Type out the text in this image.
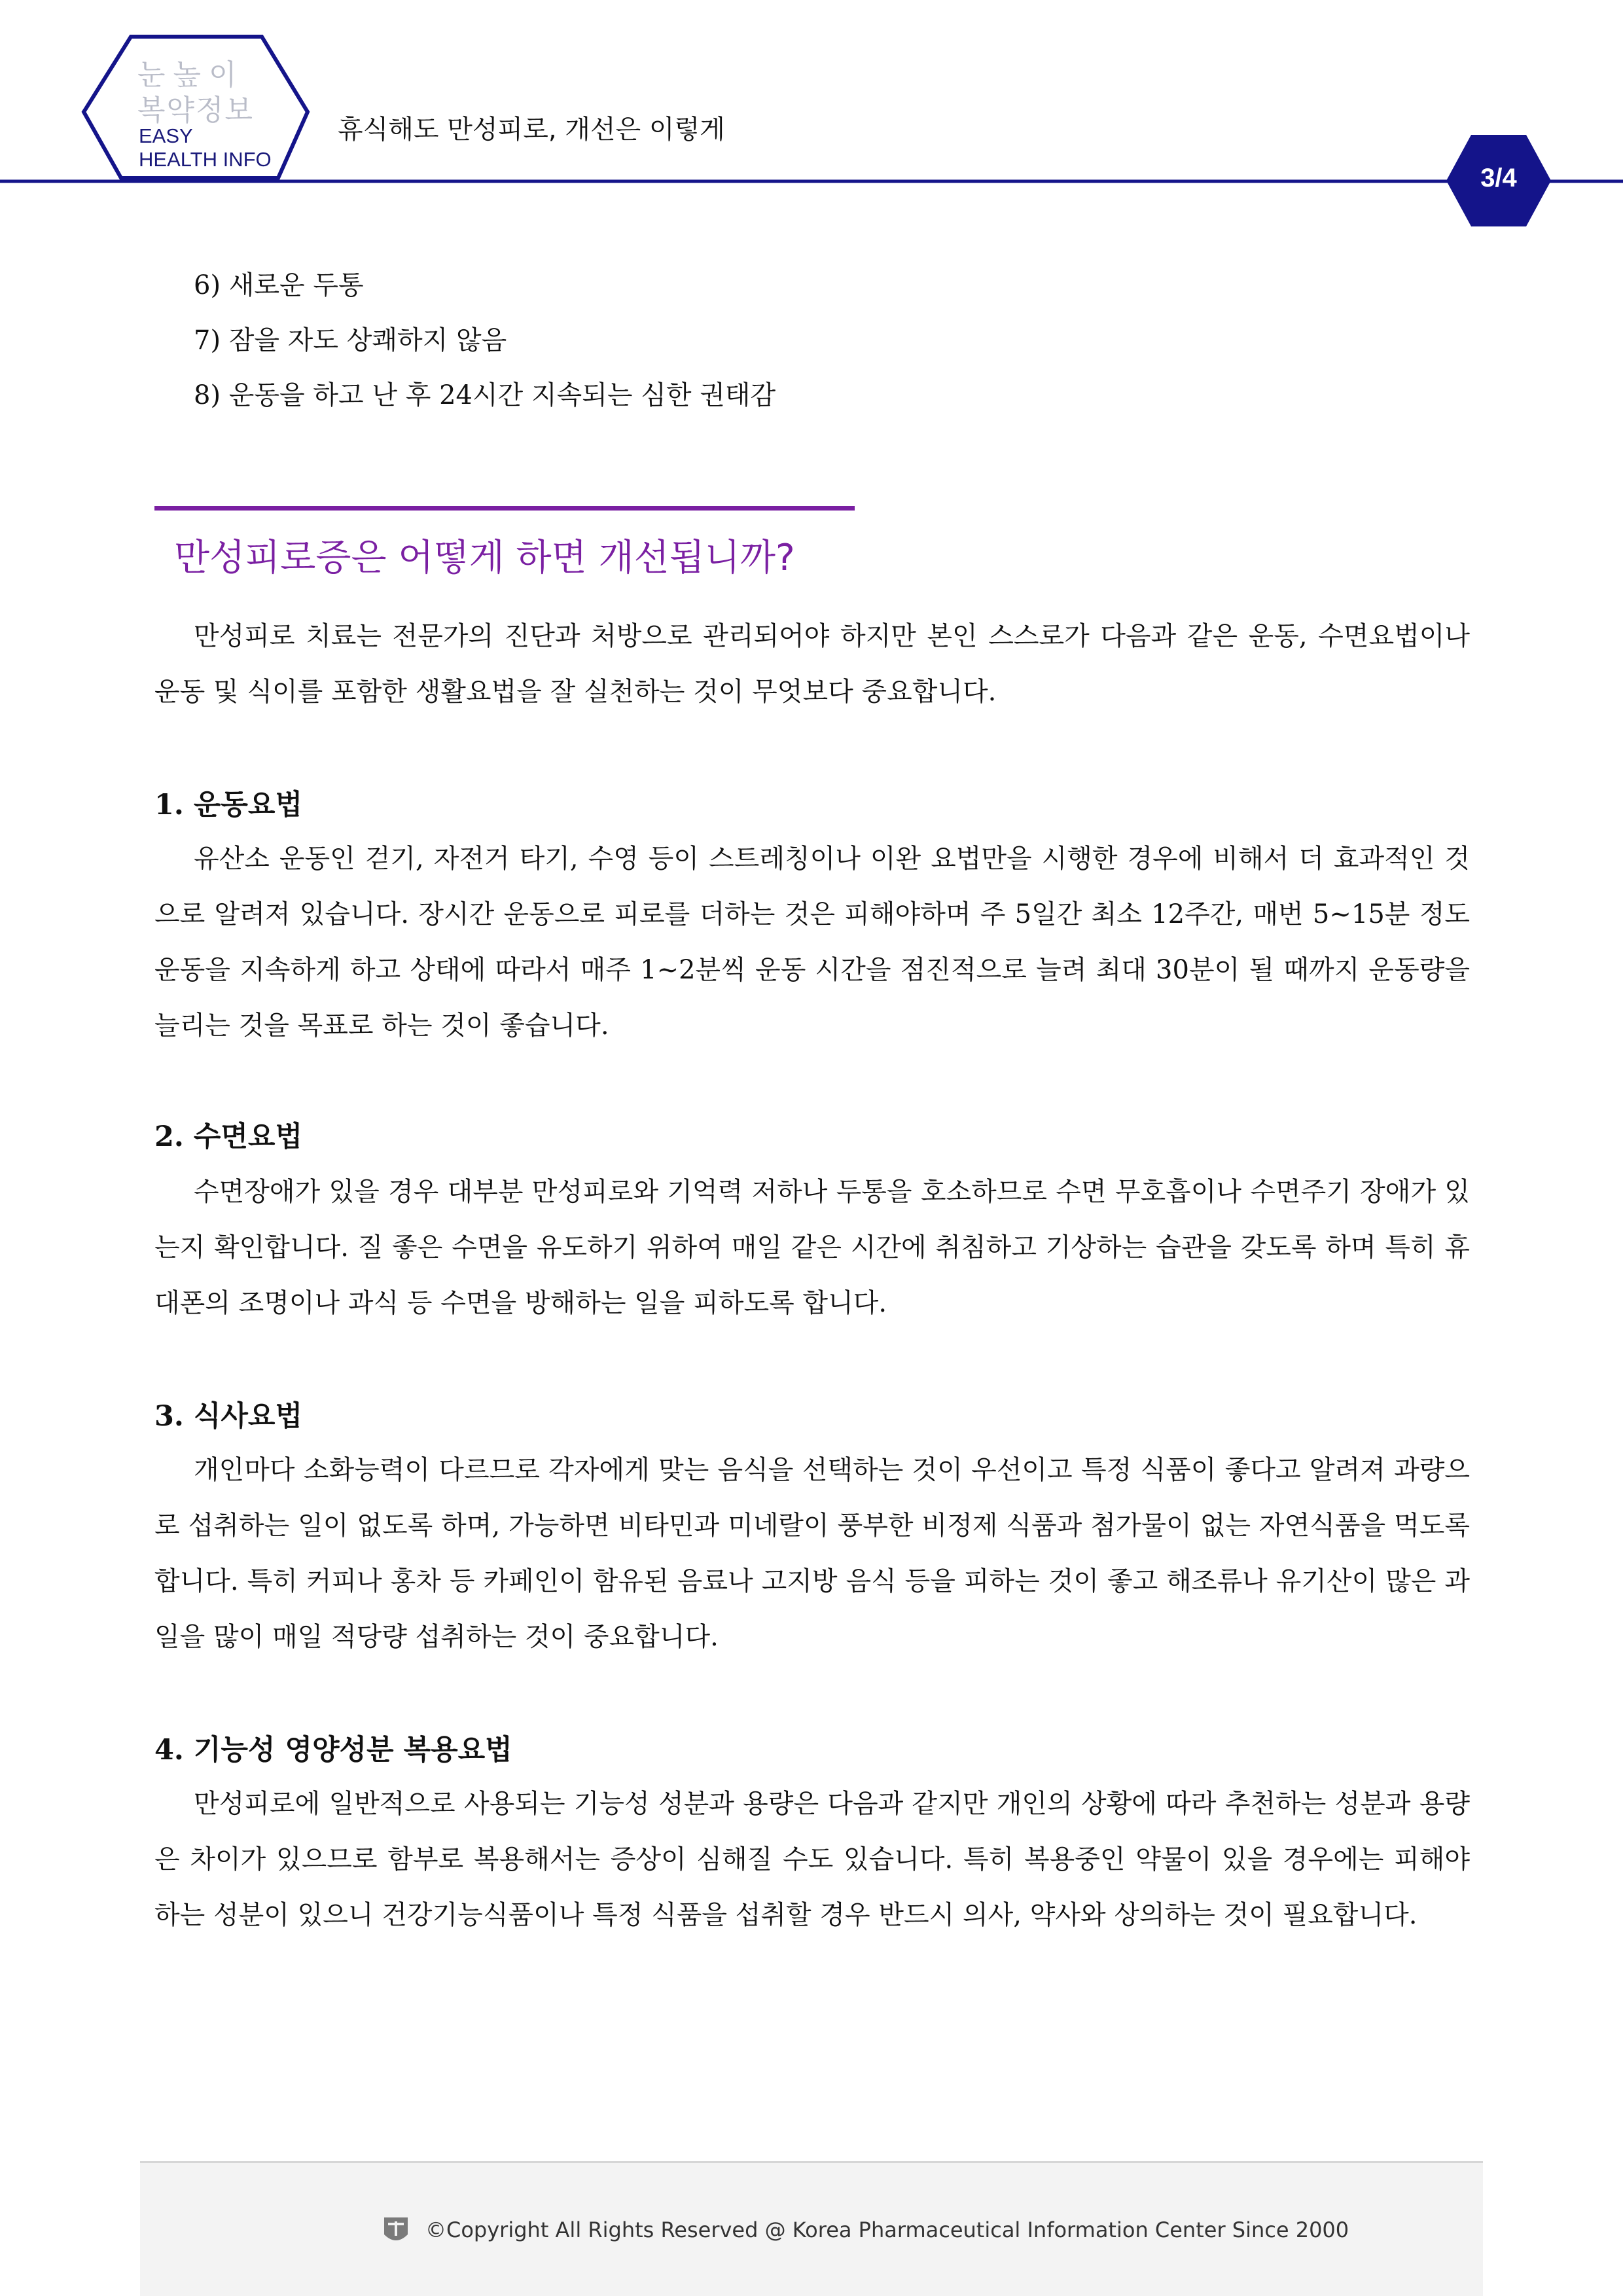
눈높이
복약정보
EASY
HEALTH INFO
휴식해도 만성피로, 개선은 이렇게
3/4
6) 새로운 두통
7) 잠을 자도 상쾌하지 않음
8) 운동을 하고 난 후 24시간 지속되는 심한 권태감
만성피로증은 어떻게 하면 개선됩니까?

만성피로 치료는 전문가의 진단과 처방으로 관리되어야 하지만 본인 스스로가 다음과 같은 운동, 수면요법이나 운동 및 식이를 포함한 생활요법을 잘 실천하는 것이 무엇보다 중요합니다.

1. 운동요법

유산소 운동인 걷기, 자전거 타기, 수영 등이 스트레칭이나 이완 요법만을 시행한 경우에 비해서 더 효과적인 것으로 알려져 있습니다. 장시간 운동으로 피로를 더하는 것은 피해야하며 주 5일간 최소 12주간, 매번 5~15분 정도 운동을 지속하게 하고 상태에 따라서 매주 1~2분씩 운동 시간을 점진적으로 늘려 최대 30분이 될 때까지 운동량을 늘리는 것을 목표로 하는 것이 좋습니다.

2. 수면요법

수면장애가 있을 경우 대부분 만성피로와 기억력 저하나 두통을 호소하므로 수면 무호흡이나 수면주기 장애가 있는지 확인합니다. 질 좋은 수면을 유도하기 위하여 매일 같은 시간에 취침하고 기상하는 습관을 갖도록 하며 특히 휴대폰의 조명이나 과식 등 수면을 방해하는 일을 피하도록 합니다.

3. 식사요법

개인마다 소화능력이 다르므로 각자에게 맞는 음식을 선택하는 것이 우선이고 특정 식품이 좋다고 알려져 과량으로 섭취하는 일이 없도록 하며, 가능하면 비타민과 미네랄이 풍부한 비정제 식품과 첨가물이 없는 자연식품을 먹도록 합니다. 특히 커피나 홍차 등 카페인이 함유된 음료나 고지방 음식 등을 피하는 것이 좋고 해조류나 유기산이 많은 과일을 많이 매일 적당량 섭취하는 것이 중요합니다.

4. 기능성 영양성분 복용요법

만성피로에 일반적으로 사용되는 기능성 성분과 용량은 다음과 같지만 개인의 상황에 따라 추천하는 성분과 용량은 차이가 있으므로 함부로 복용해서는 증상이 심해질 수도 있습니다. 특히 복용중인 약물이 있을 경우에는 피해야 하는 성분이 있으니 건강기능식품이나 특정 식품을 섭취할 경우 반드시 의사, 약사와 상의하는 것이 필요합니다.

©Copyright All Rights Reserved @ Korea Pharmaceutical Information Center Since 2000
